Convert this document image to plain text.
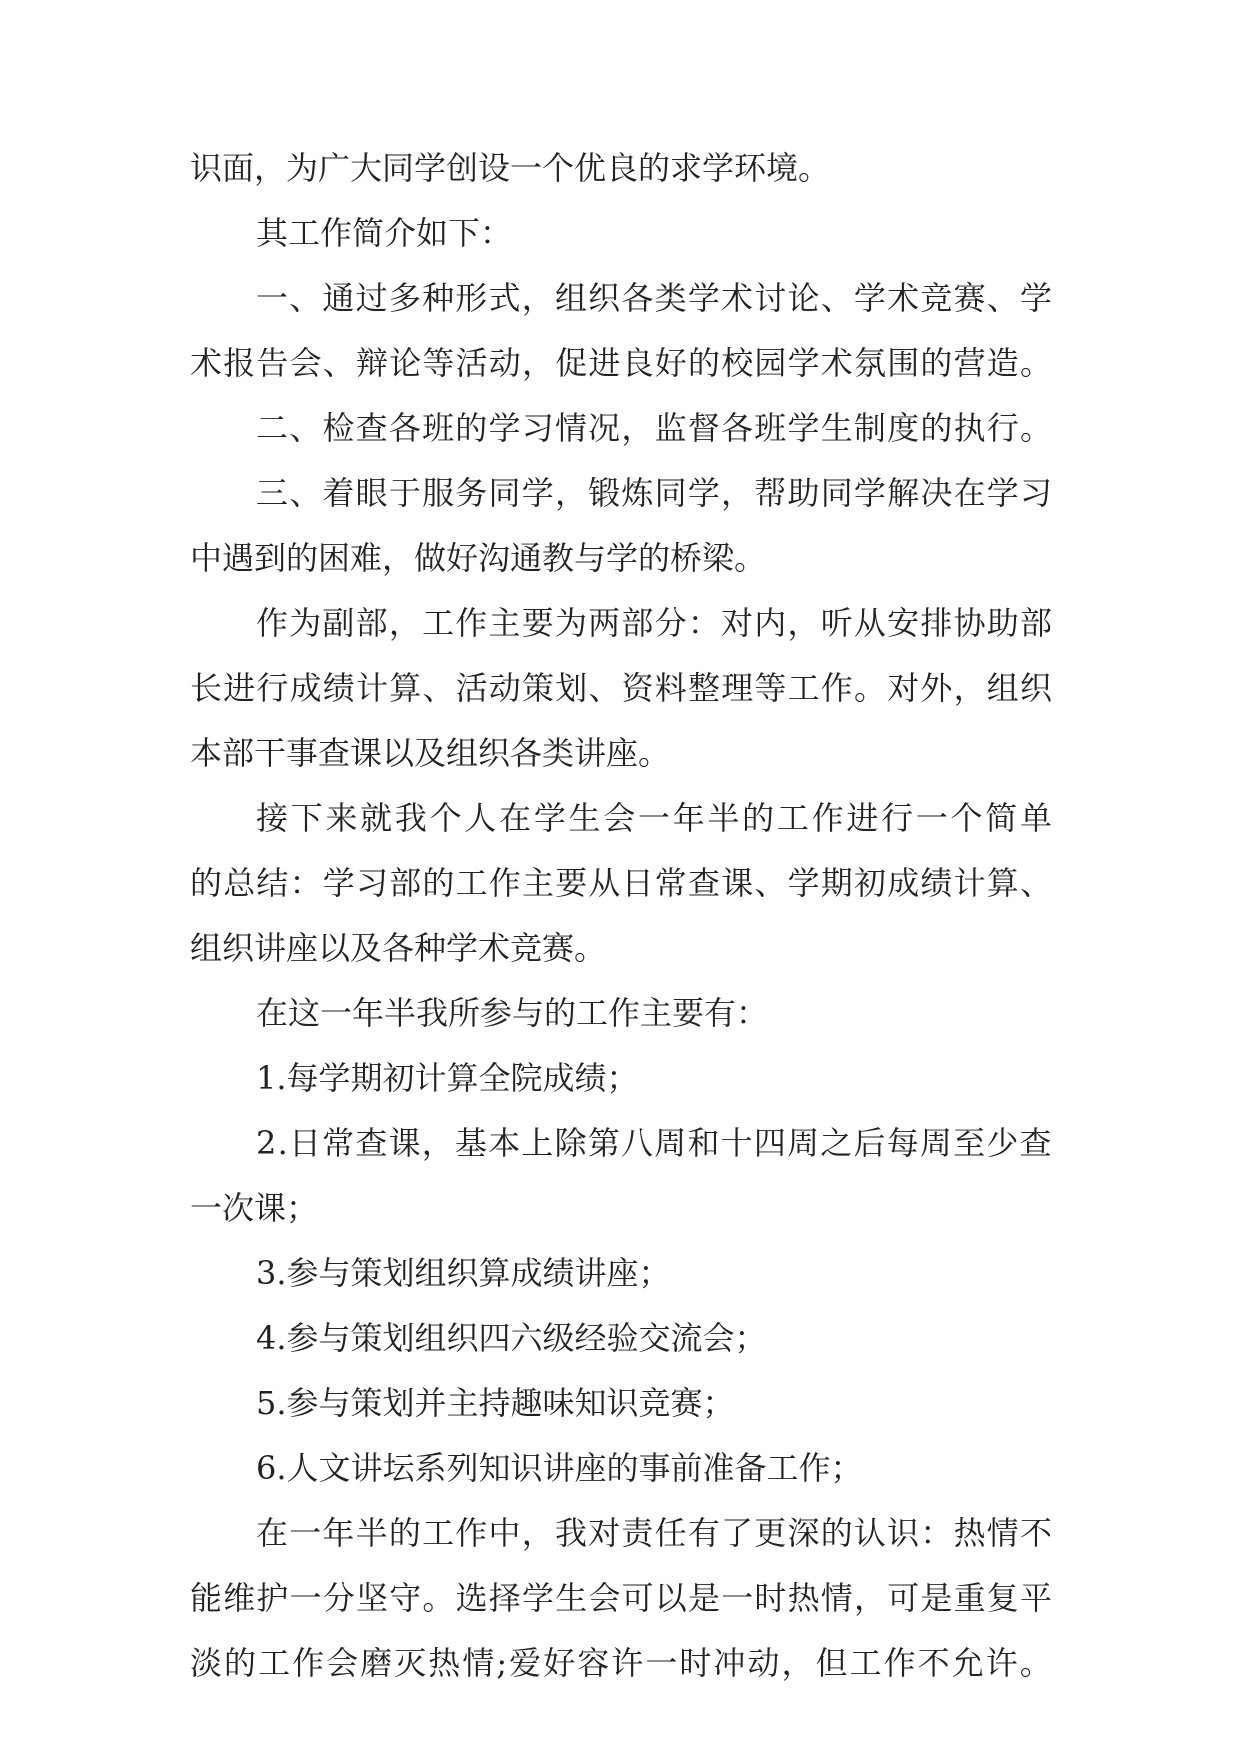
识面，为广大同学创设一个优良的求学环境。

其工作简介如下：

一、通过多种形式，组织各类学术讨论、学术竞赛、学

术报告会、辩论等活动，促进良好的校园学术氛围的营造。

二、检查各班的学习情况，监督各班学生制度的执行。

三、着眼于服务同学，锻炼同学，帮助同学解决在学习

中遇到的困难，做好沟通教与学的桥梁。

作为副部，工作主要为两部分：对内，听从安排协助部

长进行成绩计算、活动策划、资料整理等工作。对外，组织

本部干事查课以及组织各类讲座。

接下来就我个人在学生会一年半的工作进行一个简单

的总结：学习部的工作主要从日常查课、学期初成绩计算、

组织讲座以及各种学术竞赛。

在这一年半我所参与的工作主要有：

1.每学期初计算全院成绩；

2.日常查课，基本上除第八周和十四周之后每周至少查

一次课；

3.参与策划组织算成绩讲座；

4.参与策划组织四六级经验交流会；

5.参与策划并主持趣味知识竞赛；

6.人文讲坛系列知识讲座的事前准备工作；

在一年半的工作中，我对责任有了更深的认识：热情不

能维护一分坚守。选择学生会可以是一时热情，可是重复平

淡的工作会磨灭热情;爱好容许一时冲动，但工作不允许。
